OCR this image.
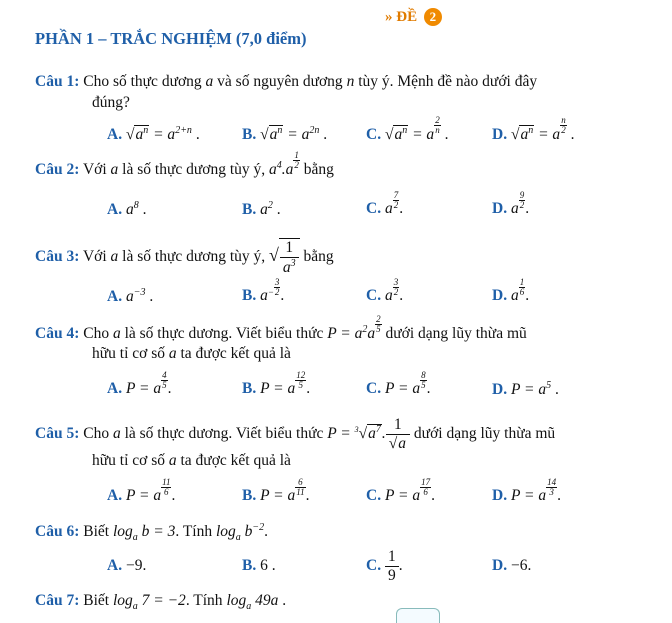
» ĐỀ 2
PHẦN 1 – TRẮC NGHIỆM (7,0 điểm)
Câu 1: Cho số thực dương a và số nguyên dương n tùy ý. Mệnh đề nào dưới đây
đúng?
A. $√a^n = a^{2+n}$ .	B. $√a^n = a^{2n}$ .	C. $√a^n = a \frac{2}{n}$ .	D. $√a^n = a \frac{n}{2}$ .
Câu 2: Với a là số thực dương tùy ý, $a^4.a \frac{1}{2}$ bằng
A. $a^8$ .	B. $a^2$ .	C. a $\frac{7}{2}$ .	D. a $\frac{9}{2}$ .
Câu 3: Với a là số thực dương tùy ý, √ $\frac{1}{a^3}$ bằng
A. $a^{-3}$ .	B. $a- \frac{3}{2}$ .	C. a $\frac{3}{2}$ .	D. a $\frac{1}{6}$ .
Câu 4: Cho a là số thực dương. Viết biểu thức $P = a^2a \frac{2}{5}$ dưới dạng lũy thừa mũ
hữu tỉ cơ số a ta được kết quả là
A. P = a $\frac{4}{5}$ .	B. P = a $\frac{12}{5}$ .	C. P = a $\frac{8}{5}$ .	D. $P = a^5$ .
Câu 5: Cho a là số thực dương. Viết biểu thức $P = ^3√a^7$. $\frac{1}{√a}$ dưới dạng lũy thừa mũ
hữu tỉ cơ số a ta được kết quả là
A. P = a $\frac{11}{6}$ .	B. P = a $\frac{6}{11}$ .	C. P = a $\frac{17}{6}$ .	D. P = a $\frac{14}{3}$ .
Câu 6: Biết $\log_a b = 3$. Tính $\log_a b^{-2}$.
A. −9.	B. 6 .	C. $\frac{1}{9}$ .	D. −6.
Câu 7: Biết $\log_a 7 = -2$. Tính $\log_a 49a$ .
